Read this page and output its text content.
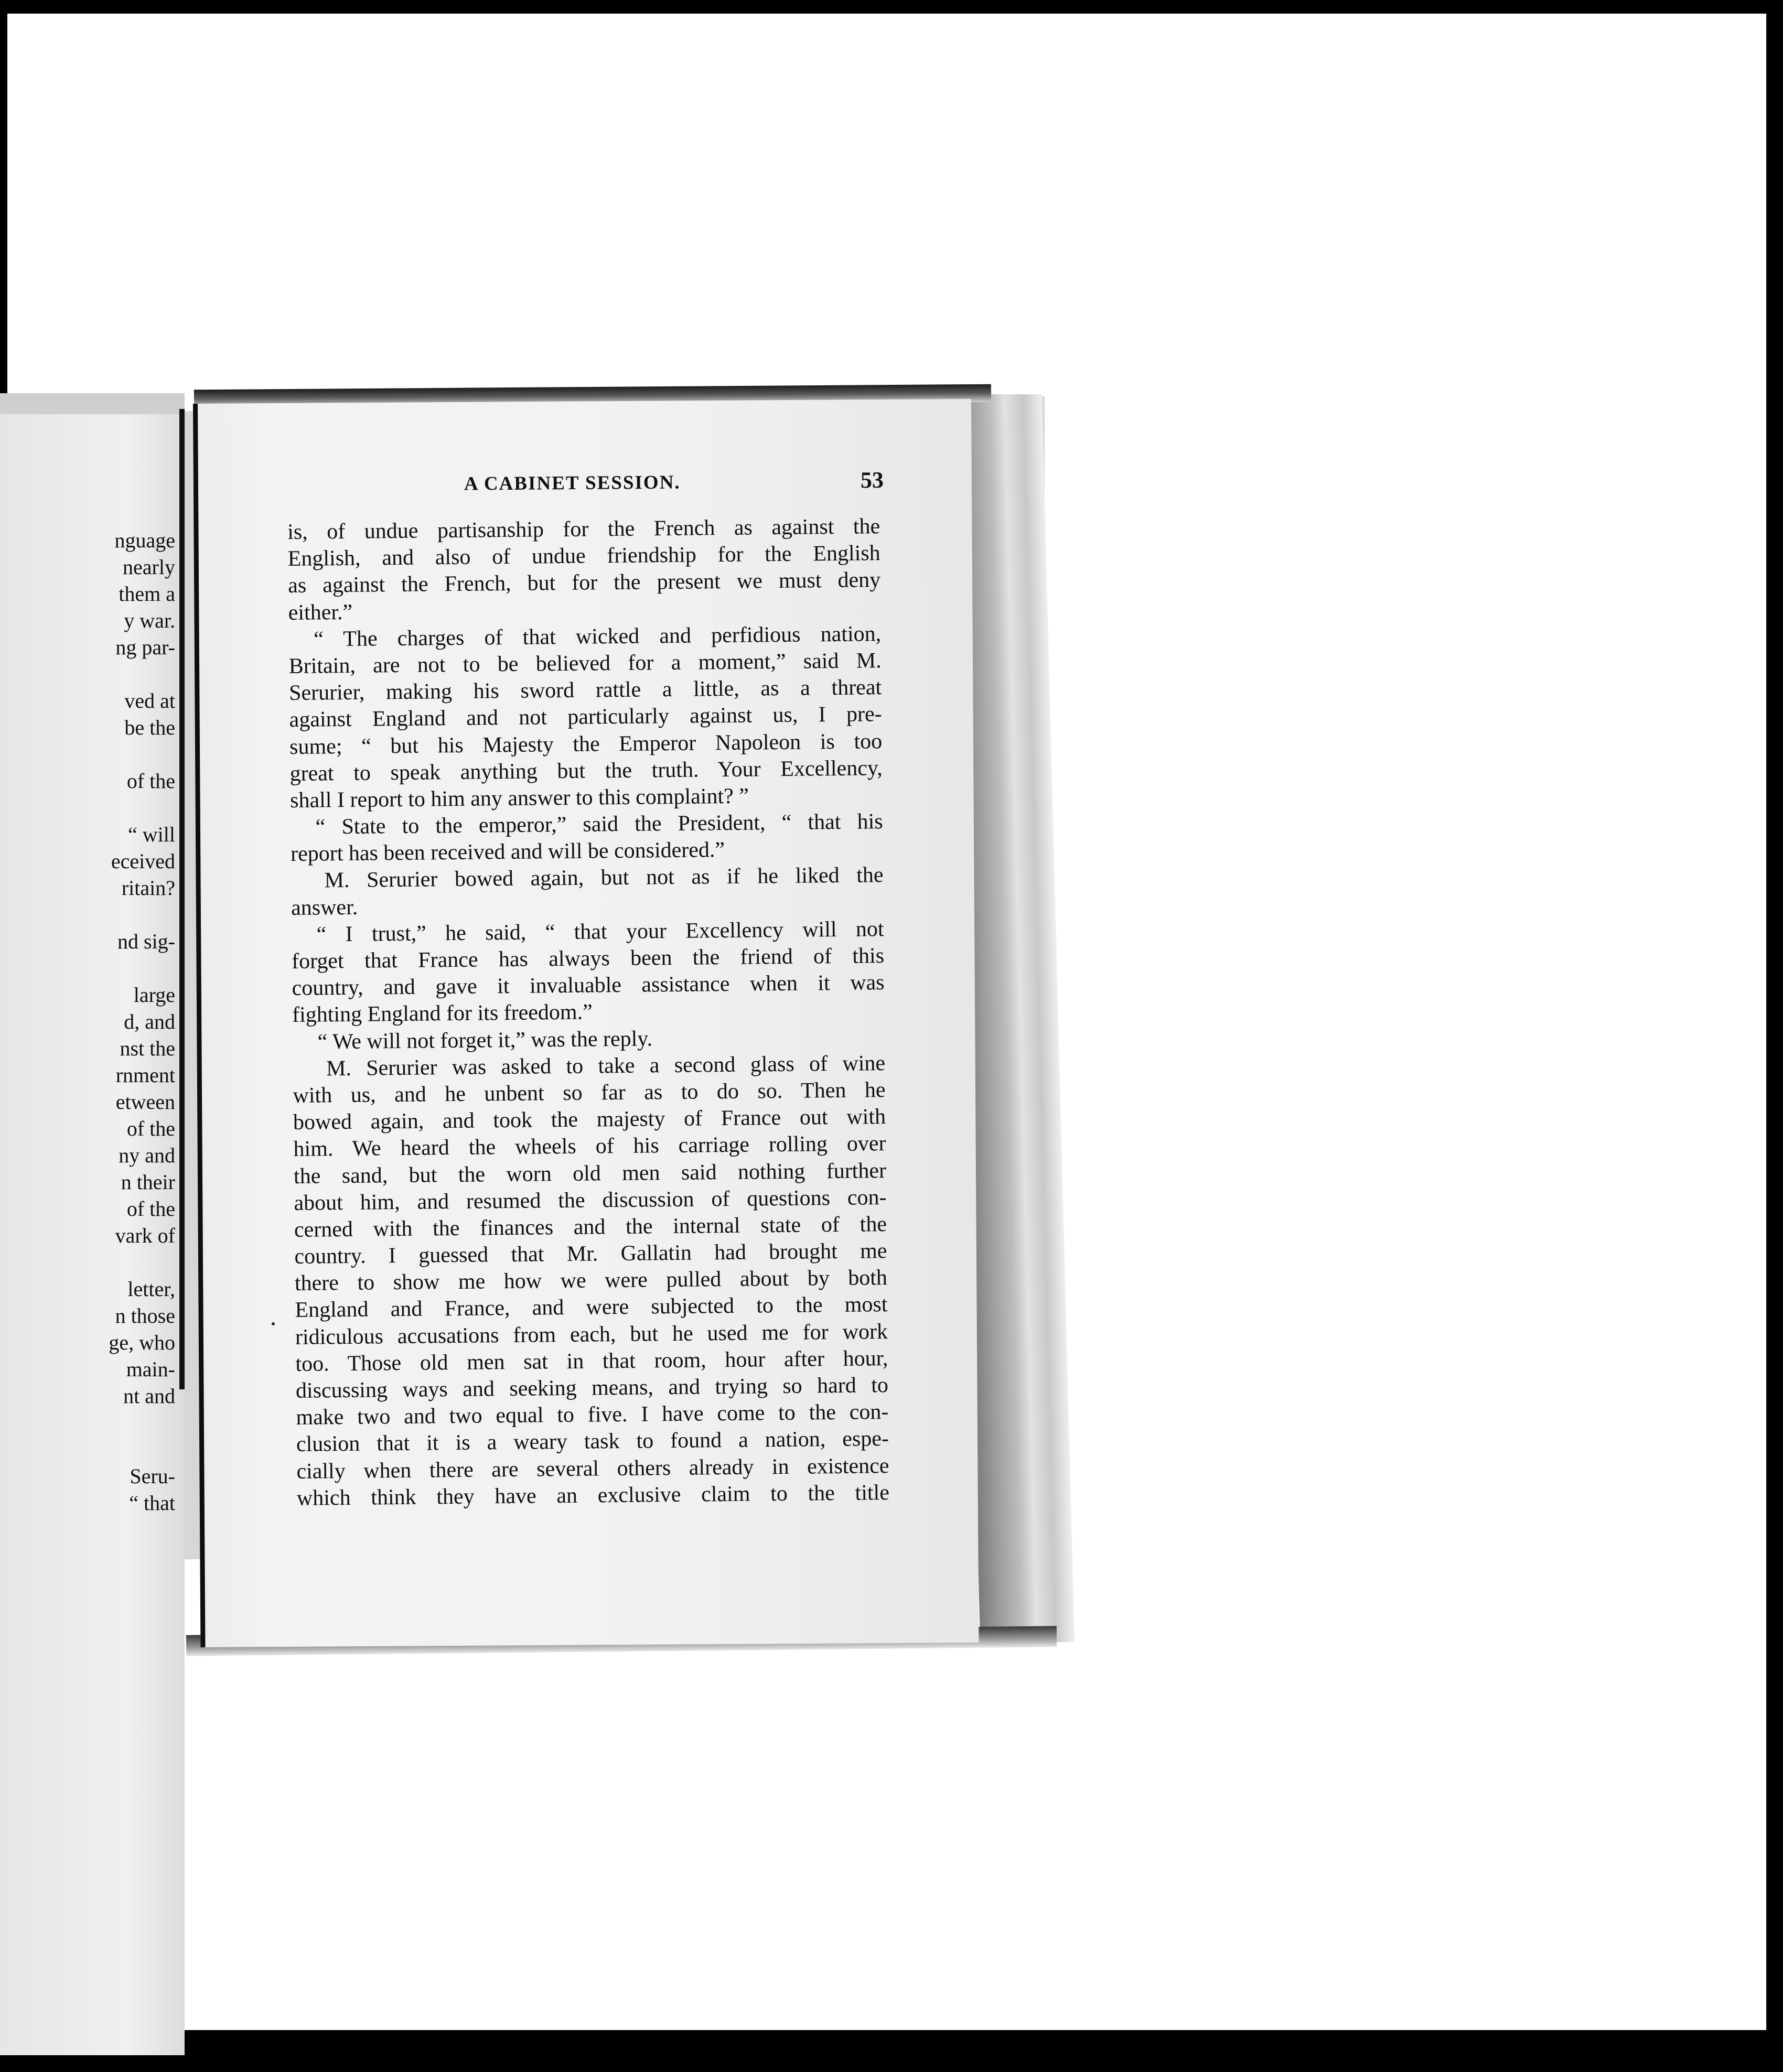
nguage
nearly
them a
y war.
ng par-
ved at
be the
of the
“ will
eceived
ritain?
nd sig-
large
d, and
nst the
rnment
etween
of the
ny and
n their
of the
vark of
letter,
n those
ge, who
main-
nt and
Seru-
“ that
A CABINET SESSION.	53
is, of undue partisanship for the French as against the
English, and also of undue friendship for the English
as against the French, but for the present we must deny
either.”
“ The charges of that wicked and perfidious nation,
Britain, are not to be believed for a moment,” said M.
Serurier, making his sword rattle a little, as a threat
against England and not particularly against us, I pre-
sume; “ but his Majesty the Emperor Napoleon is too
great to speak anything but the truth. Your Excellency,
shall I report to him any answer to this complaint? ”
“ State to the emperor,” said the President, “ that his
report has been received and will be considered.”
M. Serurier bowed again, but not as if he liked the
answer.
“ I trust,” he said, “ that your Excellency will not
forget that France has always been the friend of this
country, and gave it invaluable assistance when it was
fighting England for its freedom.”
“ We will not forget it,” was the reply.
M. Serurier was asked to take a second glass of wine
with us, and he unbent so far as to do so. Then he
bowed again, and took the majesty of France out with
him. We heard the wheels of his carriage rolling over
the sand, but the worn old men said nothing further
about him, and resumed the discussion of questions con-
cerned with the finances and the internal state of the
country. I guessed that Mr. Gallatin had brought me
there to show me how we were pulled about by both
England and France, and were subjected to the most
ridiculous accusations from each, but he used me for work
too. Those old men sat in that room, hour after hour,
discussing ways and seeking means, and trying so hard to
make two and two equal to five. I have come to the con-
clusion that it is a weary task to found a nation, espe-
cially when there are several others already in existence
which think they have an exclusive claim to the title
